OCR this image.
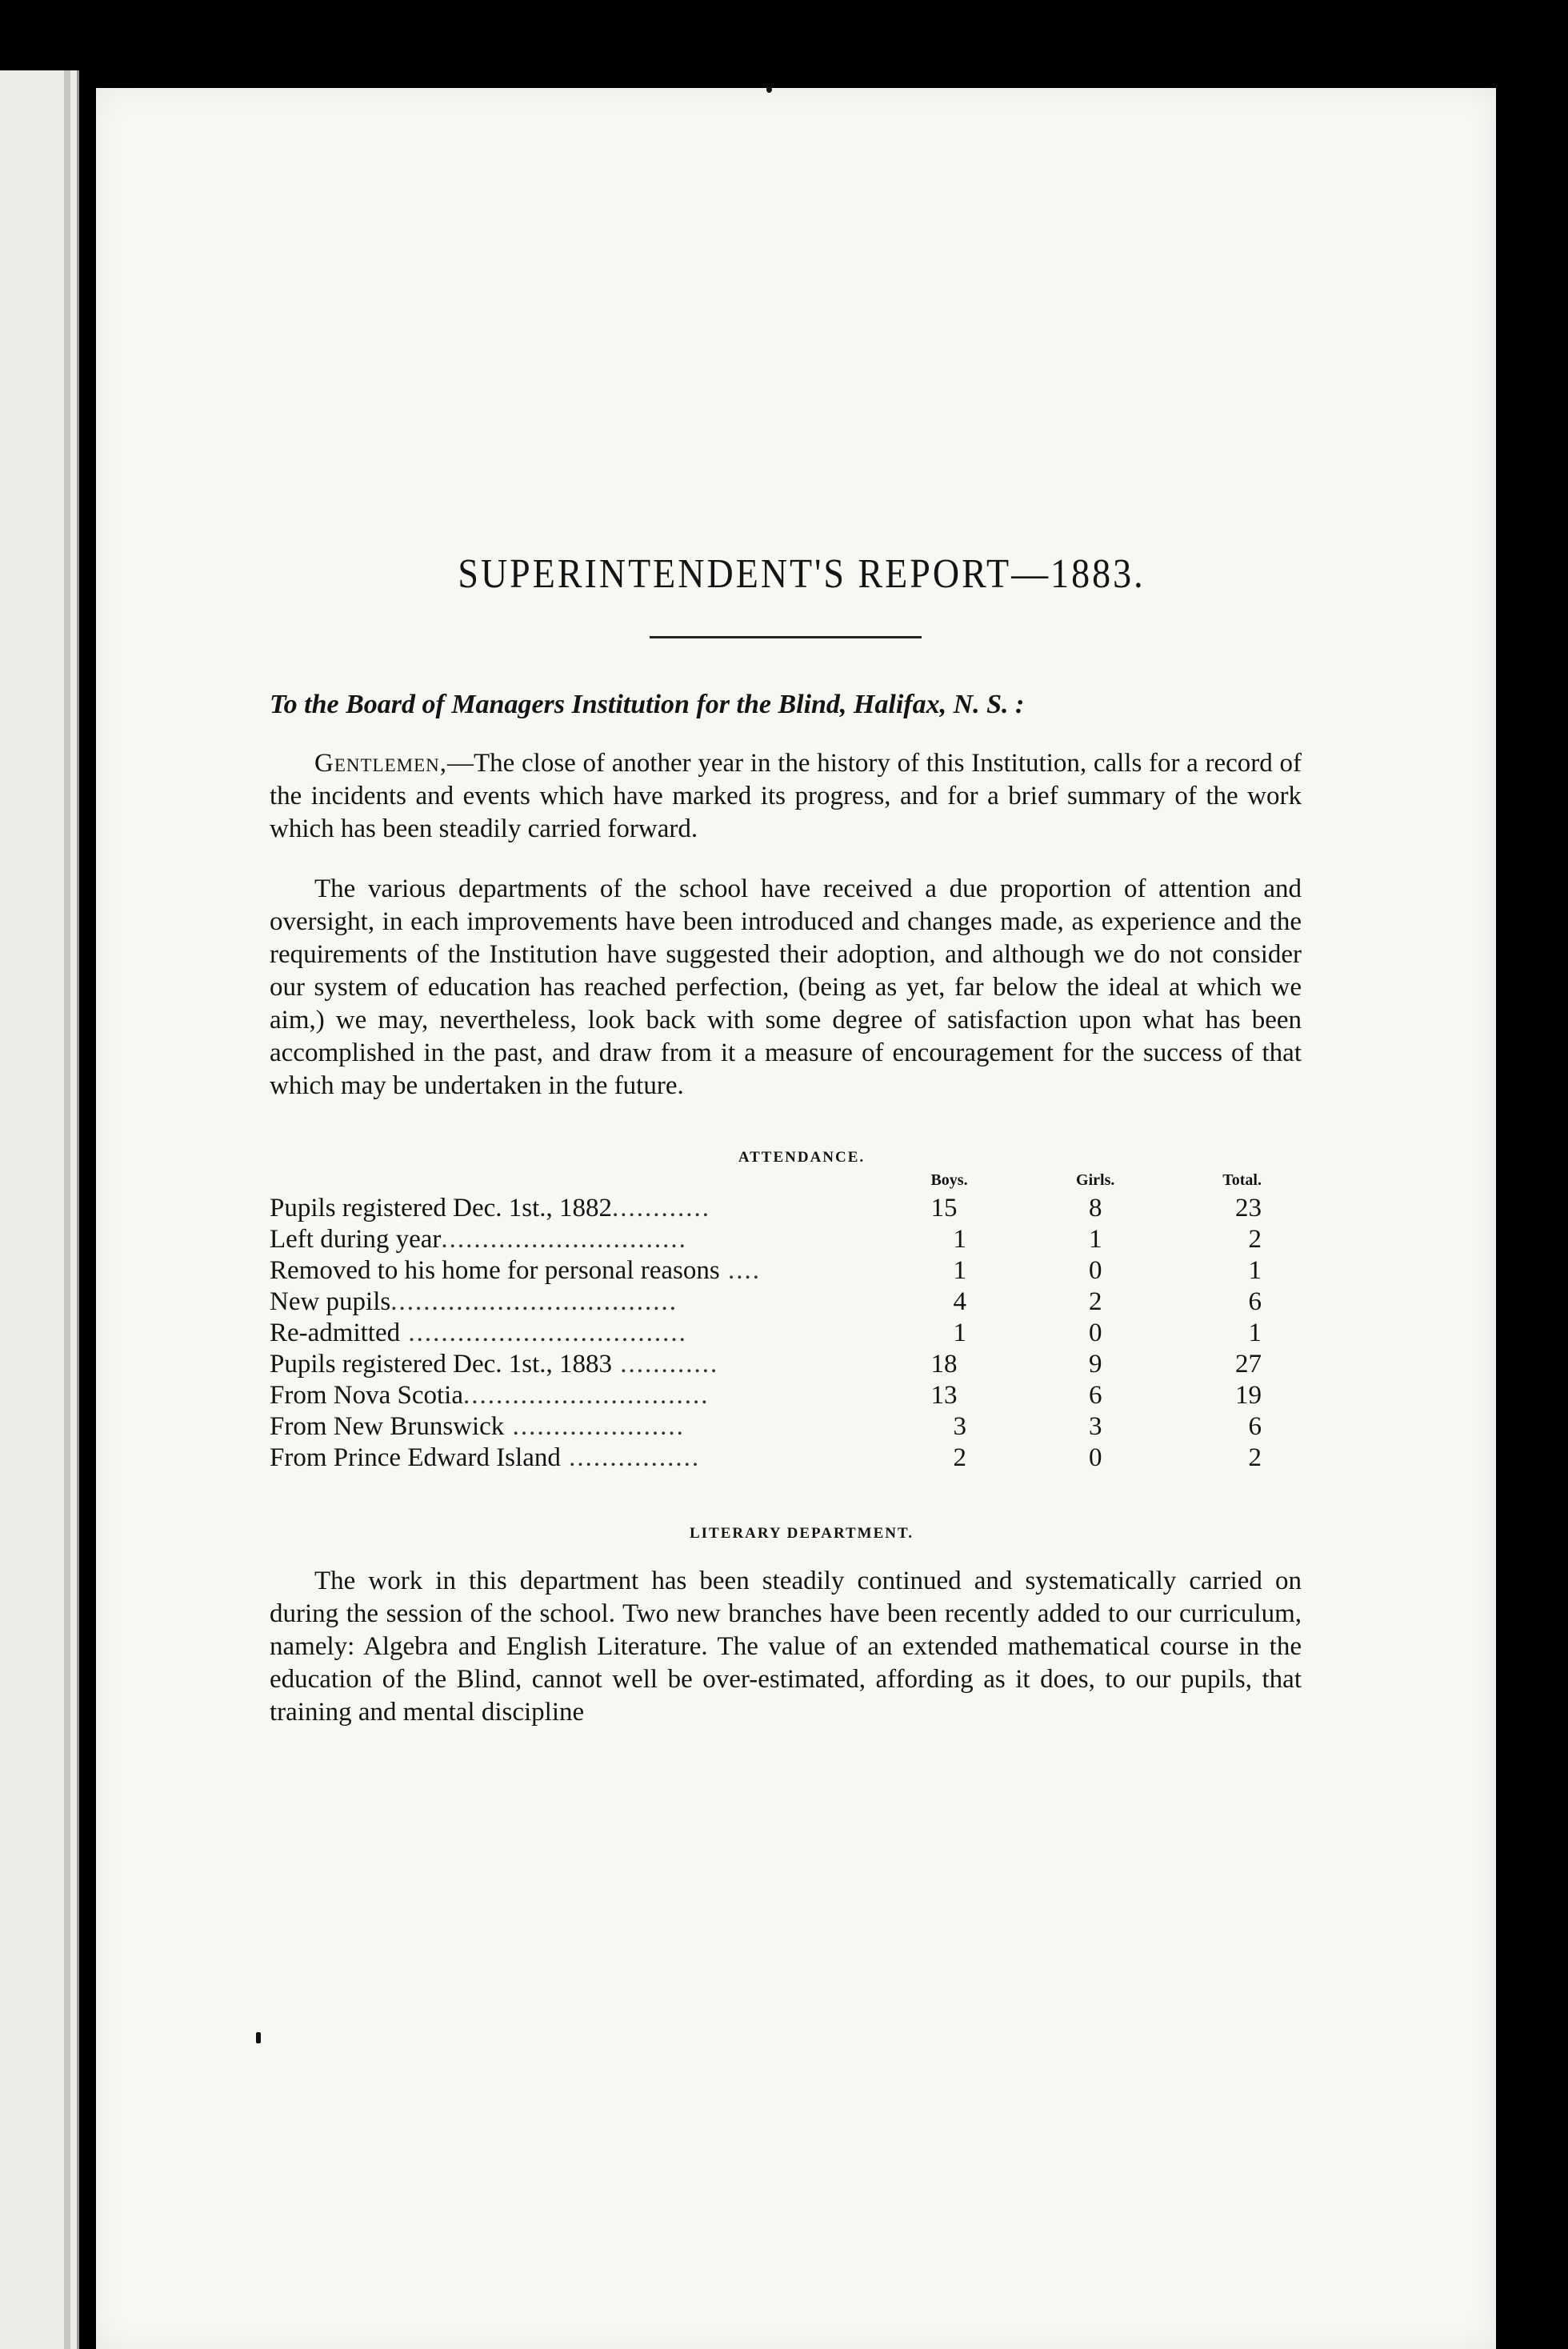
SUPERINTENDENT'S REPORT—1883.

To the Board of Managers Institution for the Blind, Halifax, N. S. :

Gentlemen,—The close of another year in the history of this Institution, calls for a record of the incidents and events which have marked its progress, and for a brief summary of the work which has been steadily carried forward.

The various departments of the school have received a due proportion of attention and oversight, in each improvements have been introduced and changes made, as experience and the requirements of the Institution have suggested their adoption, and although we do not consider our system of education has reached perfection, (being as yet, far below the ideal at which we aim,) we may, nevertheless, look back with some degree of satisfaction upon what has been accomplished in the past, and draw from it a measure of encouragement for the success of that which may be undertaken in the future.

ATTENDANCE.
	Boys.	Girls.	Total.
Pupils registered Dec. 1st., 1882............	15	8	23
Left during year..............................	1	1	2
Removed to his home for personal reasons ....	1	0	1
New pupils...................................	4	2	6
Re-admitted ..................................	1	0	1
Pupils registered Dec. 1st., 1883 ............	18	9	27
From Nova Scotia..............................	13	6	19
From New Brunswick .....................	3	3	6
From Prince Edward Island ................	2	0	2
LITERARY DEPARTMENT.

The work in this department has been steadily continued and systematically carried on during the session of the school. Two new branches have been recently added to our curriculum, namely: Algebra and English Literature. The value of an extended mathematical course in the education of the Blind, cannot well be over-estimated, affording as it does, to our pupils, that training and mental discipline
